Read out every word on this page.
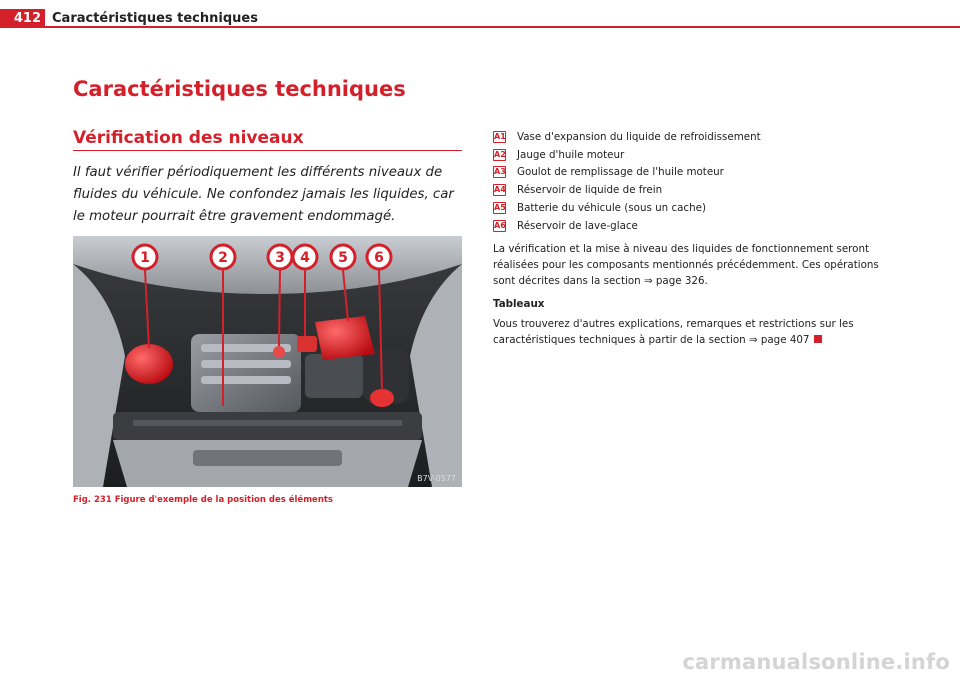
412 Caractéristiques techniques
Caractéristiques techniques
Vérification des niveaux
Il faut vérifier périodiquement les différents niveaux de fluides du véhicule. Ne confondez jamais les liquides, car le moteur pourrait être gravement endommagé.
1	2	3 4 5 6
B7V-0577
Fig. 231 Figure d'exemple de la position des éléments
A1 Vase d'expansion du liquide de refroidissement
A2 Jauge d'huile moteur
A3 Goulot de remplissage de l'huile moteur
A4 Réservoir de liquide de frein
A5 Batterie du véhicule (sous un cache)
A6 Réservoir de lave-glace

La vérification et la mise à niveau des liquides de fonctionnement seront réalisées pour les composants mentionnés précédemment. Ces opérations sont décrites dans la section ⇒ page 326.

Tableaux

Vous trouverez d'autres explications, remarques et restrictions sur les caractéristiques techniques à partir de la section ⇒ page 407

carmanualsonline.info
